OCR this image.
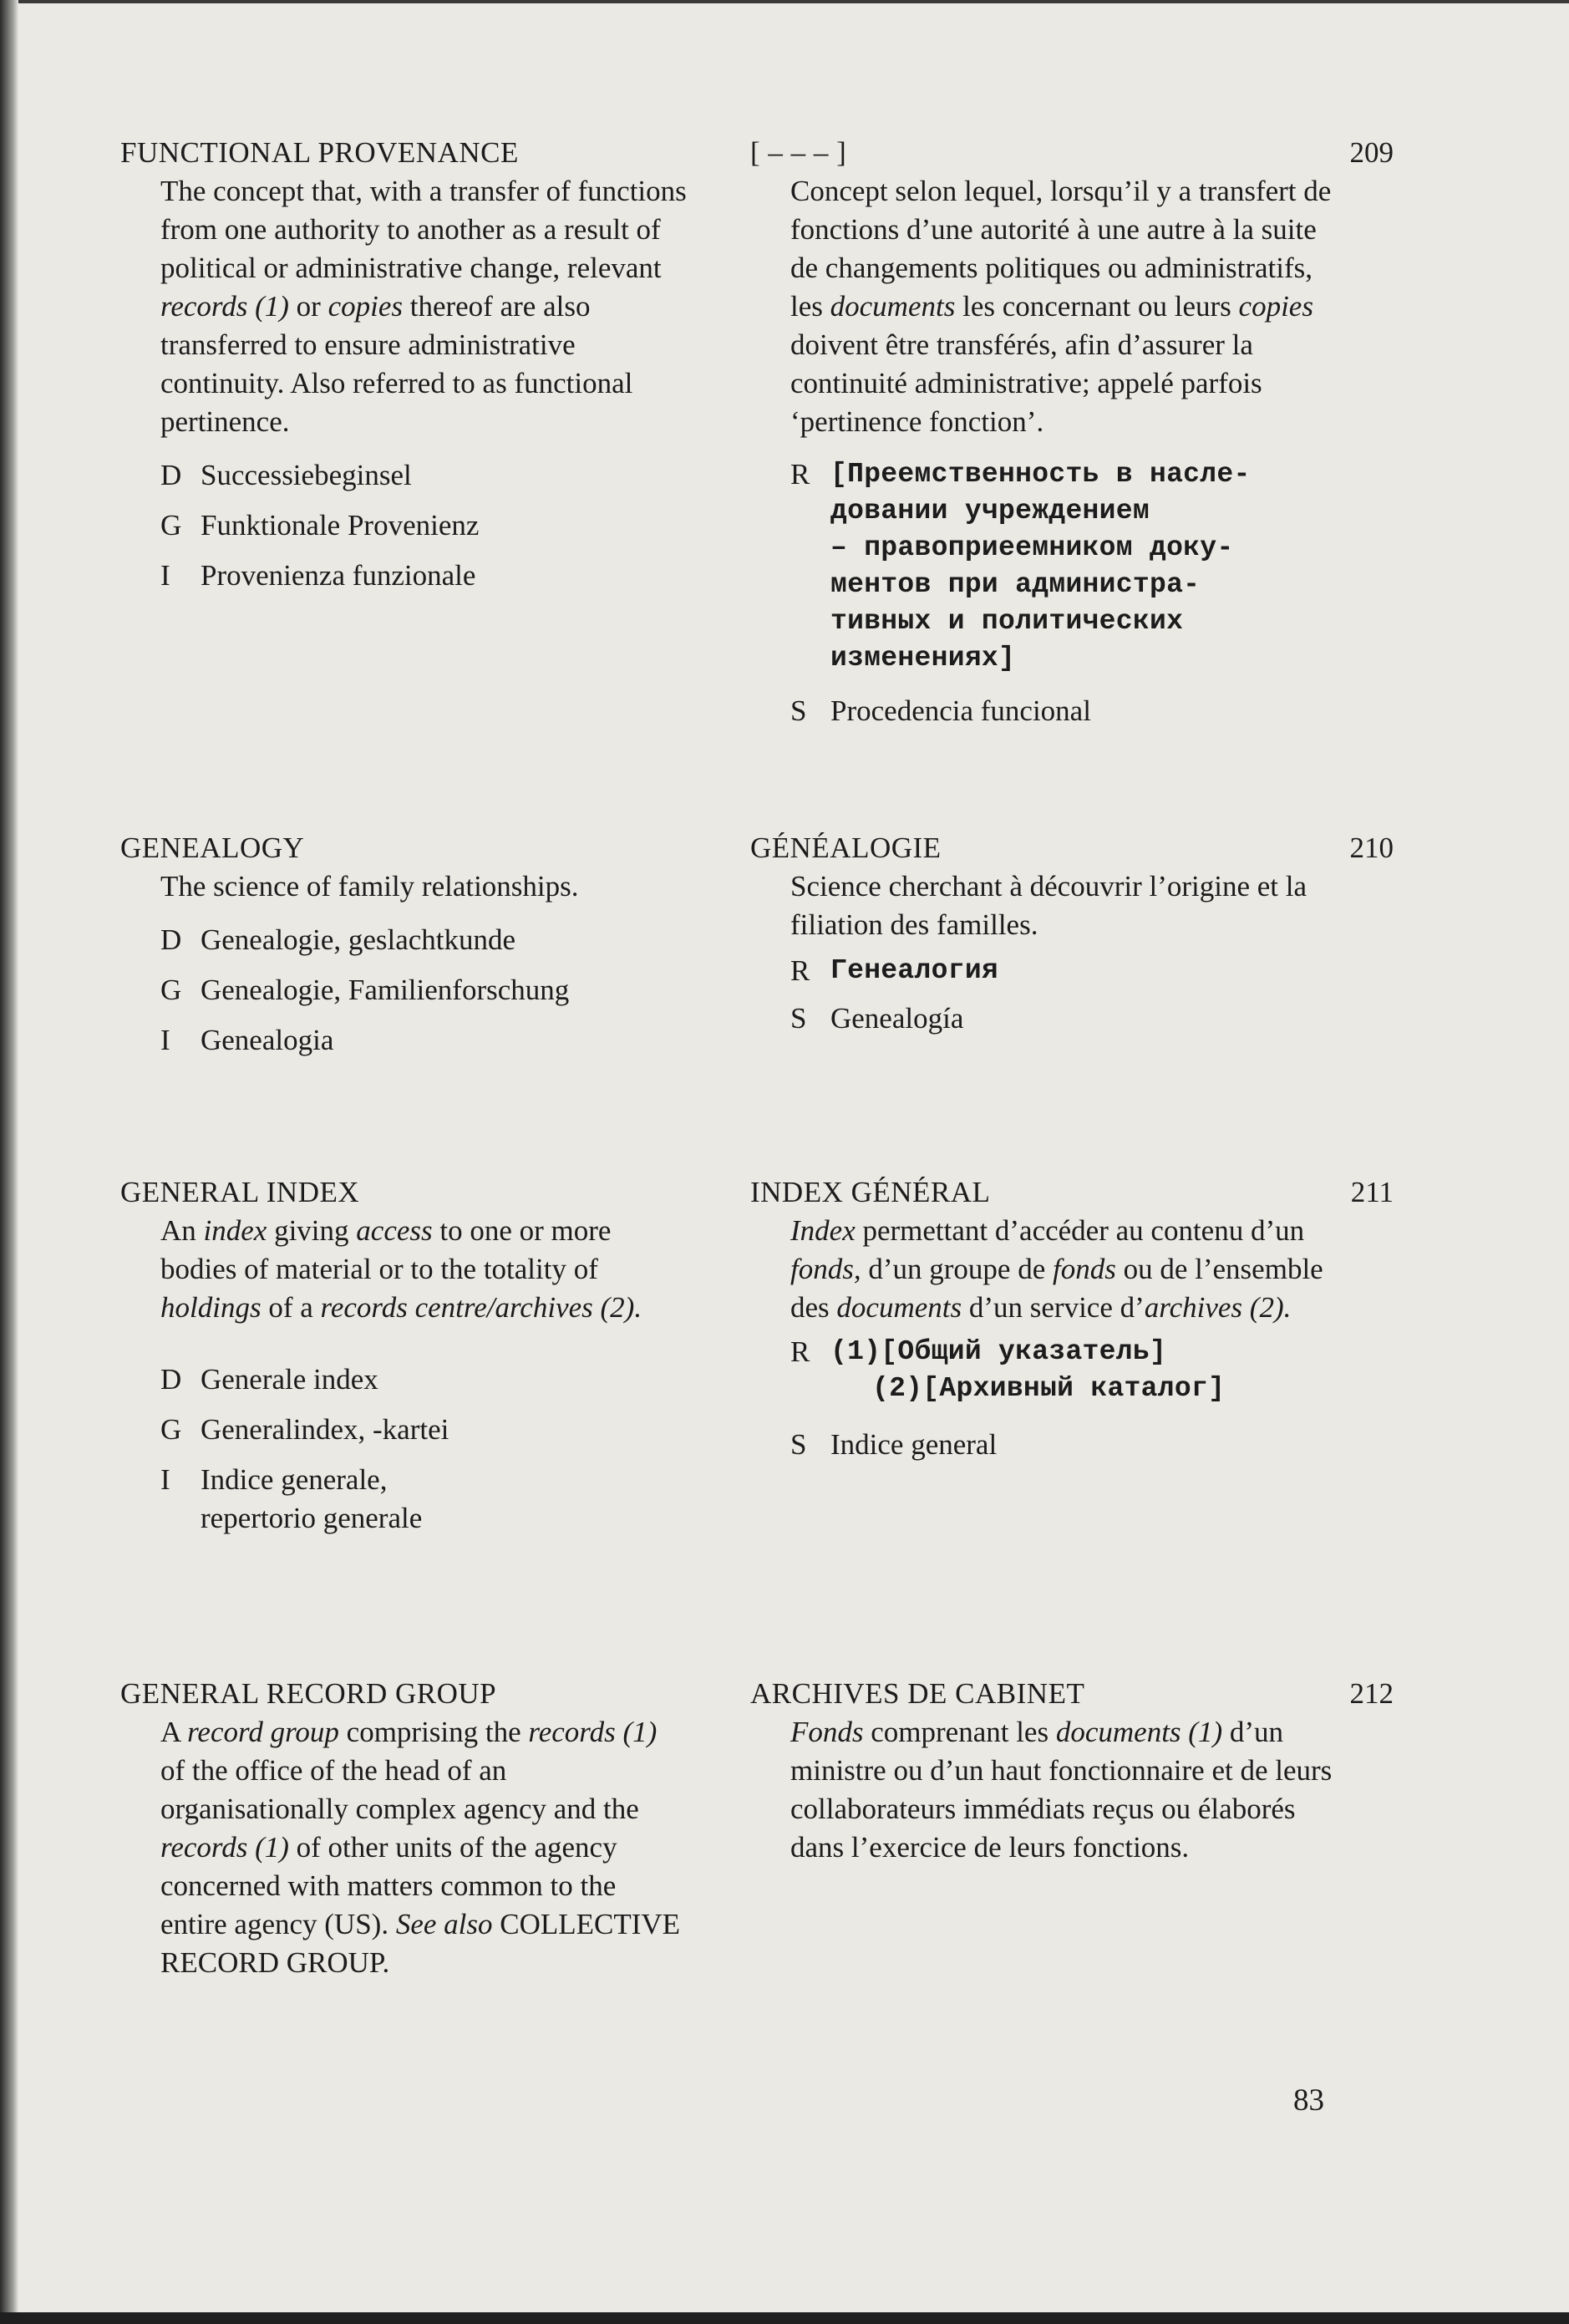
FUNCTIONAL PROVENANCE
The concept that, with a transfer of functions from one authority to another as a result of political or administrative change, relevant records (1) or copies thereof are also transferred to ensure administrative continuity. Also referred to as functional pertinence.
D Successiebeginsel
G Funktionale Provenienz
I	Provenienza funzionale
[ – – – ]
Concept selon lequel, lorsqu’il y a transfert de fonctions d’une autorité à une autre à la suite de changements politiques ou administratifs, les documents les concernant ou leurs copies doivent être transférés, afin d’assurer la continuité administrative; appelé parfois ‘pertinence fonction’.
R [Преемственность в насле-
довании учреждением
– правоприеемником доку-
ментов при администра-
тивных и политических
изменениях]
S Procedencia funcional
209
GENEALOGY
The science of family relationships.
D Genealogie, geslachtkunde
G Genealogie, Familienforschung
I	Genealogia
GÉNÉALOGIE
Science cherchant à découvrir l’origine et la filiation des familles.
R Генеалогия
S Genealogía
210
GENERAL INDEX
An index giving access to one or more bodies of material or to the totality of holdings of a records centre/archives (2).
D Generale index
G Generalindex, -kartei
I	Indice generale, repertorio generale
INDEX GÉNÉRAL
Index permettant d’accéder au contenu d’un fonds, d’un groupe de fonds ou de l’ensemble des documents d’un service d’archives (2).
R (1)[Общий указатель]
(2)[Архивный каталог]
S Indice general
211
GENERAL RECORD GROUP
A record group comprising the records (1) of the office of the head of an organisationally complex agency and the records (1) of other units of the agency concerned with matters common to the entire agency (US). See also COLLECTIVE RECORD GROUP.
ARCHIVES DE CABINET
Fonds comprenant les documents (1) d’un ministre ou d’un haut fonctionnaire et de leurs collaborateurs immédiats reçus ou élaborés dans l’exercice de leurs fonctions.
212
83
